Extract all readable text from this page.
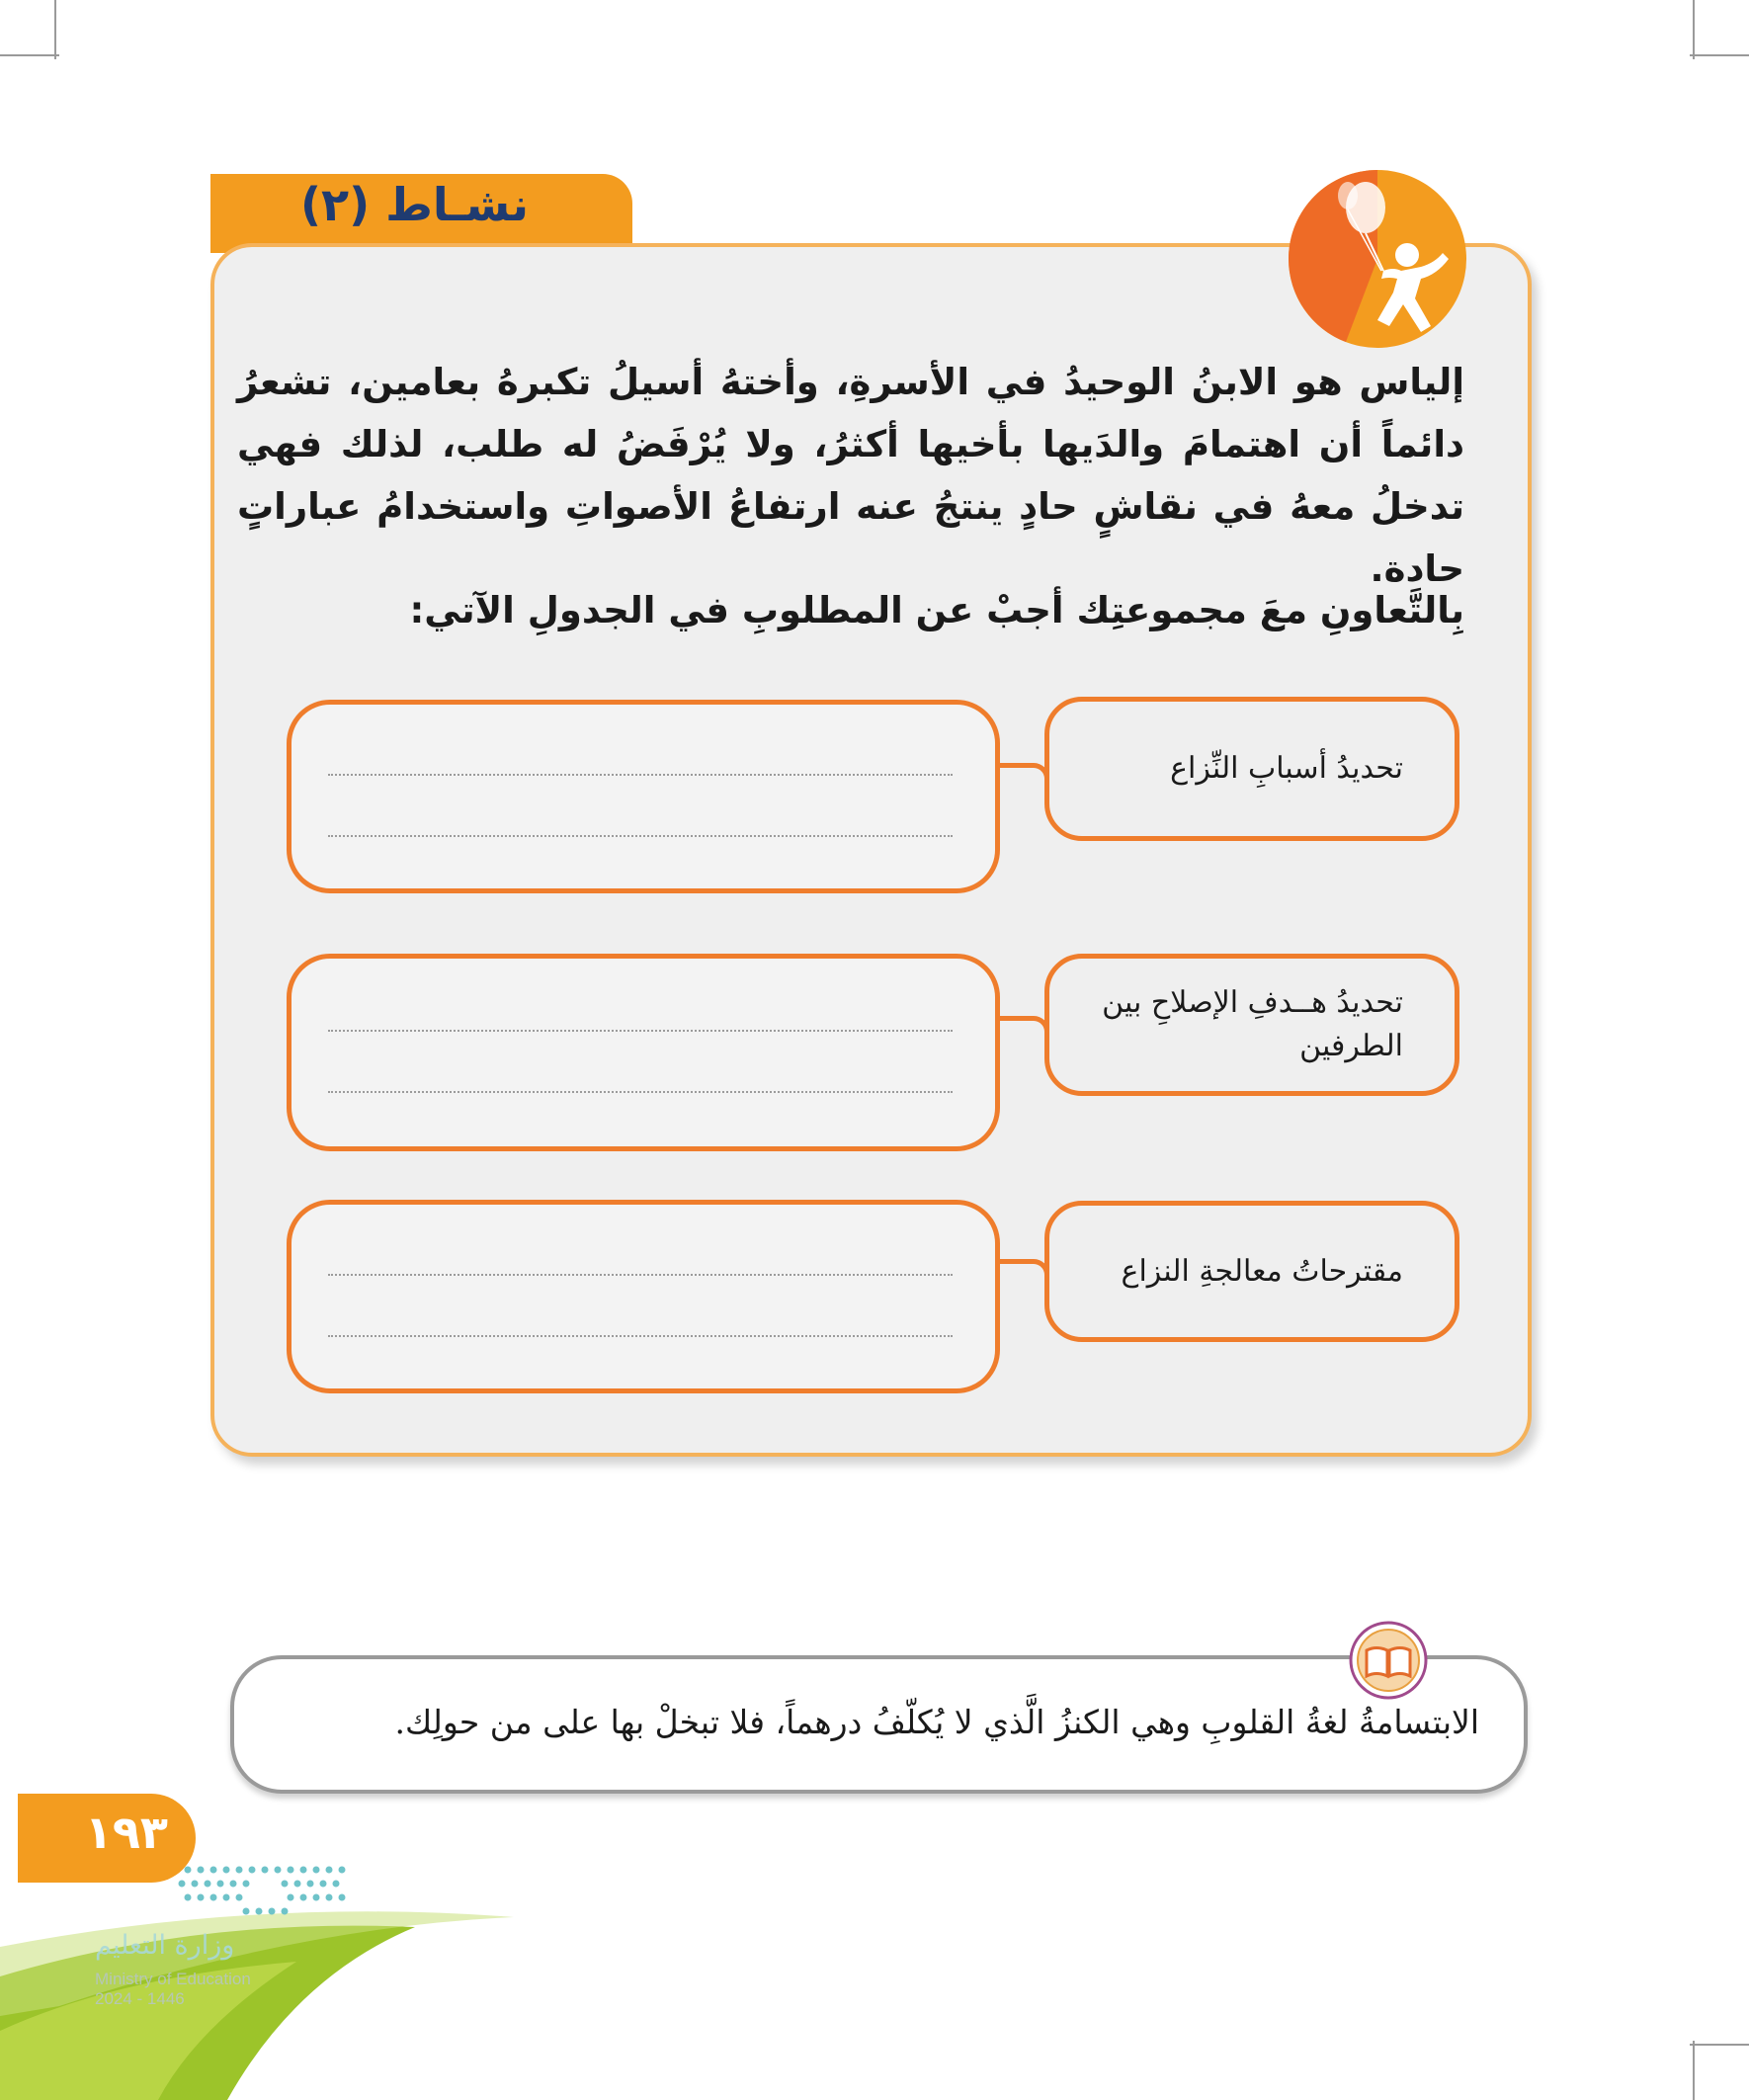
نشـاط (٢)

إلياس هو الابنُ الوحيدُ في الأسرةِ، وأختهُ أسيلُ تكبرهُ بعامين، تشعرُ دائماً أن اهتمامَ والدَيها بأخيها أكثرُ، ولا يُرْفَضُ له طلب، لذلك فهي تدخلُ معهُ في نقاشٍ حادٍ ينتجُ عنه ارتفاعُ الأصواتِ واستخدامُ عباراتٍ حادة.

بِالتَّعاونِ معَ مجموعتِك أجبْ عن المطلوبِ في الجدولِ الآتي:

تحديدُ أسبابِ النِّزاع
تحديدُ هــدفِ الإصلاحِ بين الطرفين
مقترحاتُ معالجةِ النزاع
الابتسامةُ لغةُ القلوبِ وهي الكنزُ الَّذي لا يُكلّفُ درهماً، فلا تبخلْ بها على من حولِك.
١٩٣
وزارة التعليم
Ministry of Education
2024 - 1446
